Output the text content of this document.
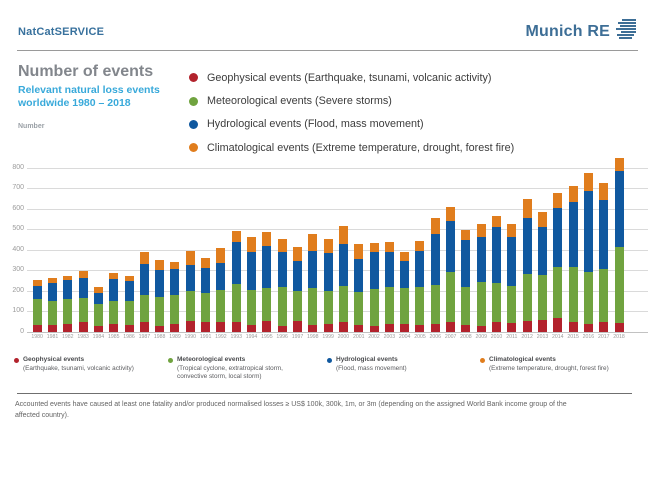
NatCatSERVICE	Munich RE
Number of events
Relevant natural loss events
worldwide 1980 – 2018
Number
Geophysical events (Earthquake, tsunami, volcanic activity)
Meteorological events (Severe storms)
Hydrological events (Flood, mass movement)
Climatological events (Extreme temperature, drought, forest fire)
0
100
200
300
400
500
600
700
800
1980 1981 1982 1983 1984 1985 1986 1987 1988 1989 1990 1991 1992 1993 1994 1995 1996 1997 1998 1999 2000 2001 2002 2003 2004 2005 2006 2007 2008 2009 2010 2011 2012 2013 2014 2015 2016 2017 2018
Geophysical events
(Earthquake, tsunami, volcanic activity)
Meteorological events
(Tropical cyclone, extratropical storm, convective storm, local storm)
Hydrological events
(Flood, mass movement)
Climatological events
(Extreme temperature, drought, forest fire)
Accounted events have caused at least one fatality and/or produced normalised losses ≥ US$ 100k, 300k, 1m, or 3m (depending on the assigned World Bank income group of the affected country).
